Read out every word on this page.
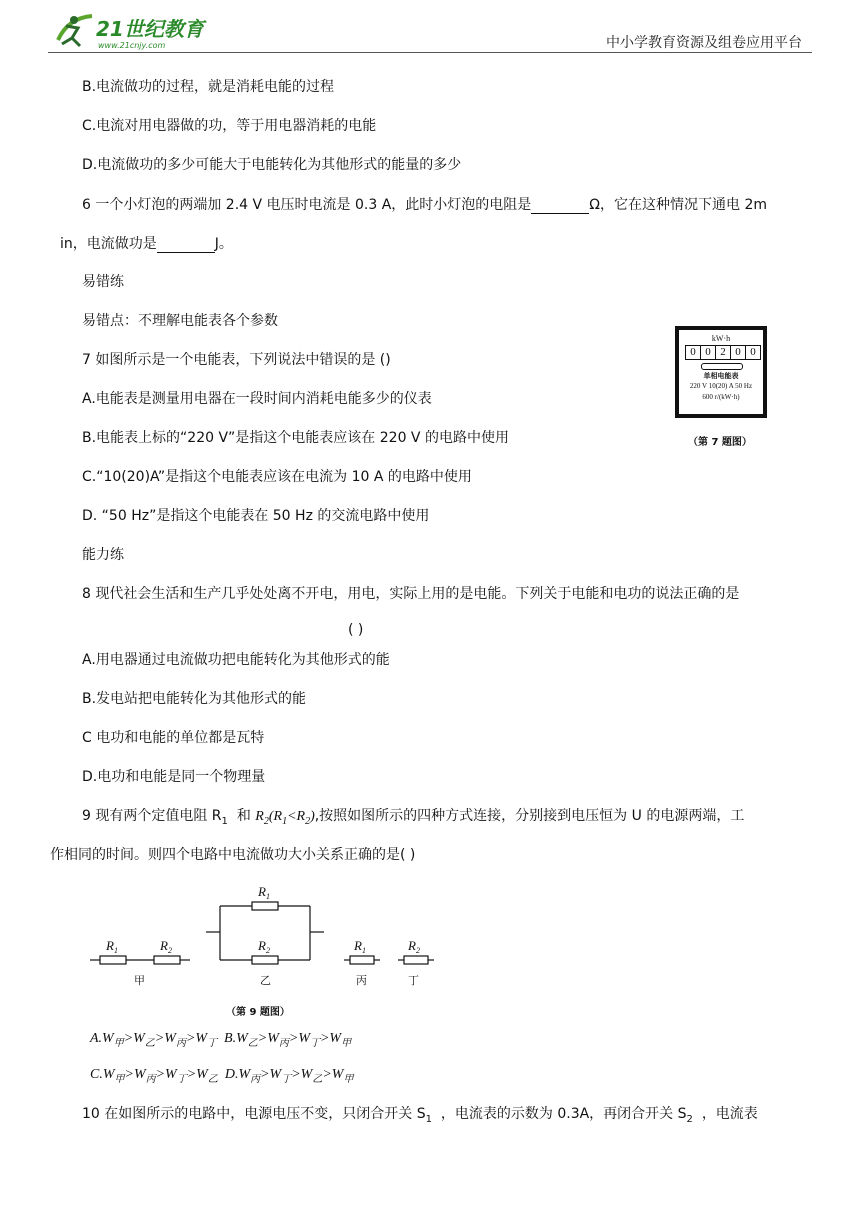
21世纪教育
www.21cnjy.com	中小学教育资源及组卷应用平台
B.电流做功的过程，就是消耗电能的过程
C.电流对用电器做的功，等于用电器消耗的电能
D.电流做功的多少可能大于电能转化为其他形式的能量的多少
6 一个小灯泡的两端加 2.4 V 电压时电流是 0.3 A，此时小灯泡的电阻是	Ω，它在这种情况下通电 2m
in，电流做功是	J。
易错练
易错点：不理解电能表各个参数
7 如图所示是一个电能表，下列说法中错误的是 ()
A.电能表是测量用电器在一段时间内消耗电能多少的仪表
B.电能表上标的“220 V”是指这个电能表应该在 220 V 的电路中使用
C.“10(20)A”是指这个电能表应该在电流为 10 A 的电路中使用
D. “50 Hz”是指这个电能表在 50 Hz 的交流电路中使用
kW·h
0 0 2 0 0
单相电能表
220 V 10(20) A 50 Hz
600 r/(kW·h)
（第 7 题图）
能力练
8 现代社会生活和生产几乎处处离不开电，用电，实际上用的是电能。下列关于电能和电功的说法正确的是
( )
A.用电器通过电流做功把电能转化为其他形式的能
B.发电站把电能转化为其他形式的能
C 电功和电能的单位都是瓦特
D.电功和电能是同一个物理量
9 现有两个定值电阻 $R_1$ 和 $R_2(R_1<R_2)$,按照如图所示的四种方式连接，分别接到电压恒为 U 的电源两端，工
作相同的时间。则四个电路中电流做功大小关系正确的是( )
$R_1$	$R_2$
$R_1$
$R_2$	$R_1$	$R_2$
甲	乙	丙	丁
（第 9 题图）
$A.W_甲>W_乙>W_丙>W_丁$ $B.W_乙>W_丙>W_丁>W_甲$
$C.W_甲>W_丙>W_丁>W_乙$ $D.W_丙>W_丁>W_乙>W_甲$
10 在如图所示的电路中，电源电压不变，只闭合开关 $S_1$ ，电流表的示数为 0.3A，再闭合开关 $S_2$ ，电流表
